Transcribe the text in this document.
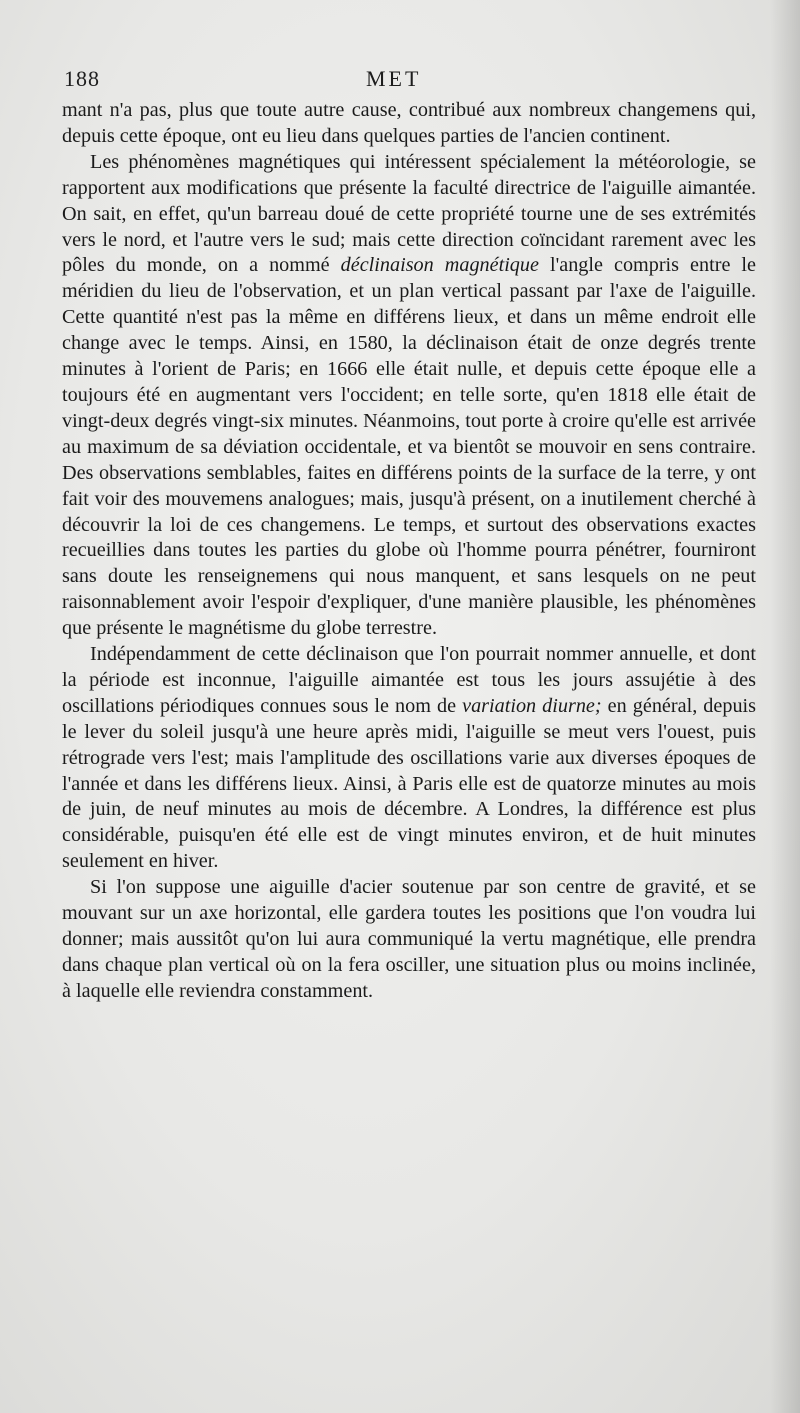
188	MET

mant n'a pas, plus que toute autre cause, contribué aux nombreux changemens qui, depuis cette époque, ont eu lieu dans quelques parties de l'ancien continent.

Les phénomènes magnétiques qui intéressent spécialement la météorologie, se rapportent aux modifications que présente la faculté directrice de l'aiguille aimantée. On sait, en effet, qu'un barreau doué de cette propriété tourne une de ses extrémités vers le nord, et l'autre vers le sud; mais cette direction coïncidant rarement avec les pôles du monde, on a nommé déclinaison magnétique l'angle compris entre le méridien du lieu de l'observation, et un plan vertical passant par l'axe de l'aiguille. Cette quantité n'est pas la même en différens lieux, et dans un même endroit elle change avec le temps. Ainsi, en 1580, la déclinaison était de onze degrés trente minutes à l'orient de Paris; en 1666 elle était nulle, et depuis cette époque elle a toujours été en augmentant vers l'occident; en telle sorte, qu'en 1818 elle était de vingt-deux degrés vingt-six minutes. Néanmoins, tout porte à croire qu'elle est arrivée au maximum de sa déviation occidentale, et va bientôt se mouvoir en sens contraire. Des observations semblables, faites en différens points de la surface de la terre, y ont fait voir des mouvemens analogues; mais, jusqu'à présent, on a inutilement cherché à découvrir la loi de ces changemens. Le temps, et surtout des observations exactes recueillies dans toutes les parties du globe où l'homme pourra pénétrer, fourniront sans doute les renseignemens qui nous manquent, et sans lesquels on ne peut raisonnablement avoir l'espoir d'expliquer, d'une manière plausible, les phénomènes que présente le magnétisme du globe terrestre.

Indépendamment de cette déclinaison que l'on pourrait nommer annuelle, et dont la période est inconnue, l'aiguille aimantée est tous les jours assujétie à des oscillations périodiques connues sous le nom de variation diurne; en général, depuis le lever du soleil jusqu'à une heure après midi, l'aiguille se meut vers l'ouest, puis rétrograde vers l'est; mais l'amplitude des oscillations varie aux diverses époques de l'année et dans les différens lieux. Ainsi, à Paris elle est de quatorze minutes au mois de juin, de neuf minutes au mois de décembre. A Londres, la différence est plus considérable, puisqu'en été elle est de vingt minutes environ, et de huit minutes seulement en hiver.

Si l'on suppose une aiguille d'acier soutenue par son centre de gravité, et se mouvant sur un axe horizontal, elle gardera toutes les positions que l'on voudra lui donner; mais aussitôt qu'on lui aura communiqué la vertu magnétique, elle prendra dans chaque plan vertical où on la fera osciller, une situation plus ou moins inclinée, à laquelle elle reviendra constamment.
